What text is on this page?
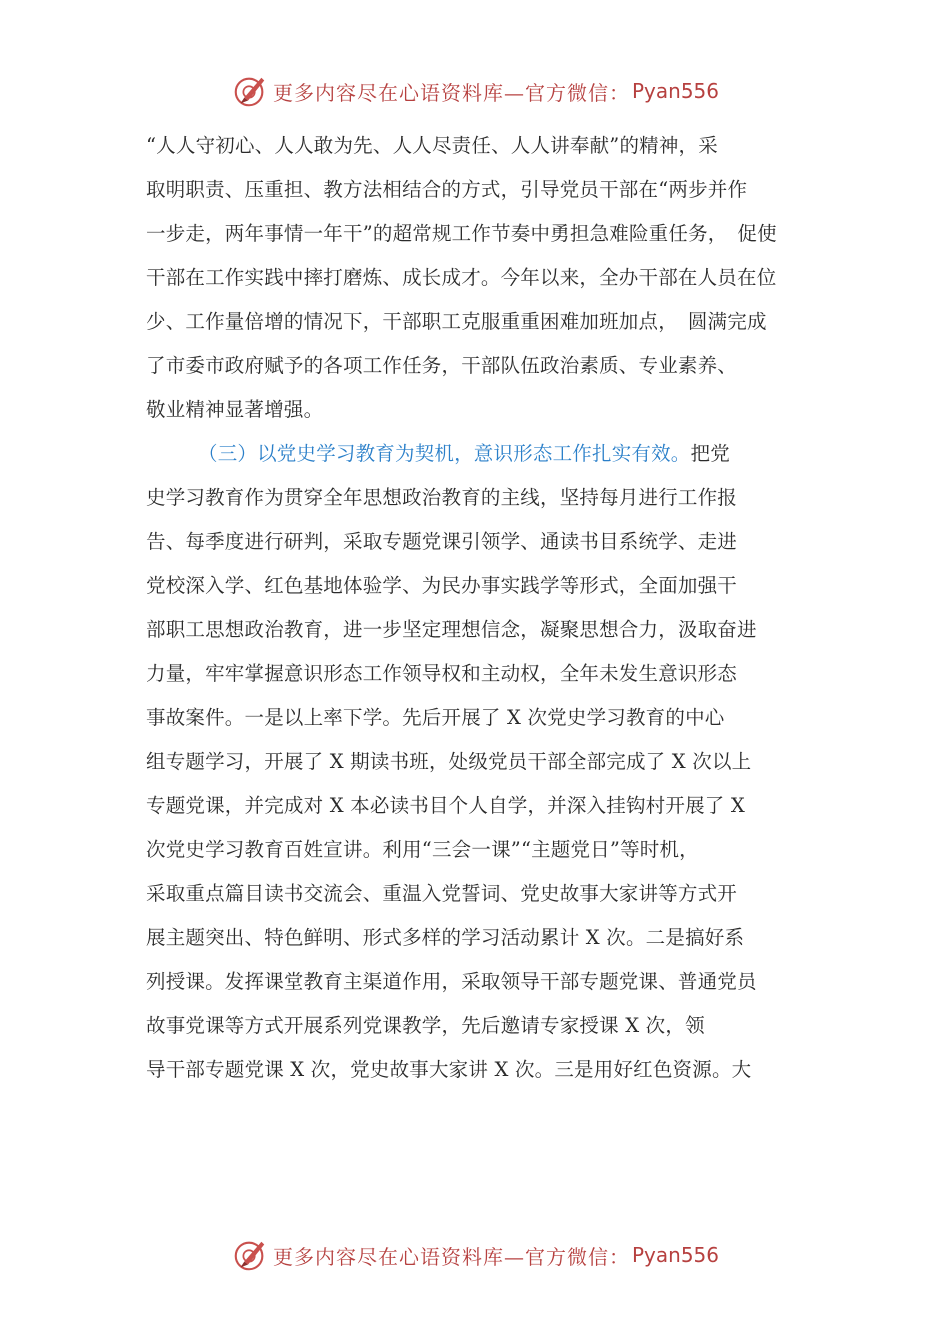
更多内容尽在心语资料库—官方微信： Pyan556
“人人守初心、人人敢为先、人人尽责任、人人讲奉献”的精神，采
取明职责、压重担、教方法相结合的方式，引导党员干部在“两步并作
一步走，两年事情一年干”的超常规工作节奏中勇担急难险重任务，　促使
干部在工作实践中摔打磨炼、成长成才。今年以来，全办干部在人员在位
少、工作量倍增的情况下，干部职工克服重重困难加班加点，　圆满完成
了市委市政府赋予的各项工作任务，干部队伍政治素质、专业素养、
敬业精神显著增强。
（三）以党史学习教育为契机，意识形态工作扎实有效。把党
史学习教育作为贯穿全年思想政治教育的主线，坚持每月进行工作报
告、每季度进行研判，采取专题党课引领学、通读书目系统学、走进
党校深入学、红色基地体验学、为民办事实践学等形式，全面加强干
部职工思想政治教育，进一步坚定理想信念，凝聚思想合力，汲取奋进
力量，牢牢掌握意识形态工作领导权和主动权，全年未发生意识形态
事故案件。一是以上率下学。先后开展了 X 次党史学习教育的中心
组专题学习，开展了 X 期读书班，处级党员干部全部完成了 X 次以上
专题党课，并完成对 X 本必读书目个人自学，并深入挂钩村开展了 X
次党史学习教育百姓宣讲。利用“三会一课”“主题党日”等时机，
采取重点篇目读书交流会、重温入党誓词、党史故事大家讲等方式开
展主题突出、特色鲜明、形式多样的学习活动累计 X 次。二是搞好系
列授课。发挥课堂教育主渠道作用，采取领导干部专题党课、普通党员
故事党课等方式开展系列党课教学，先后邀请专家授课 X 次，领
导干部专题党课 X 次，党史故事大家讲 X 次。三是用好红色资源。大
更多内容尽在心语资料库—官方微信： Pyan556
